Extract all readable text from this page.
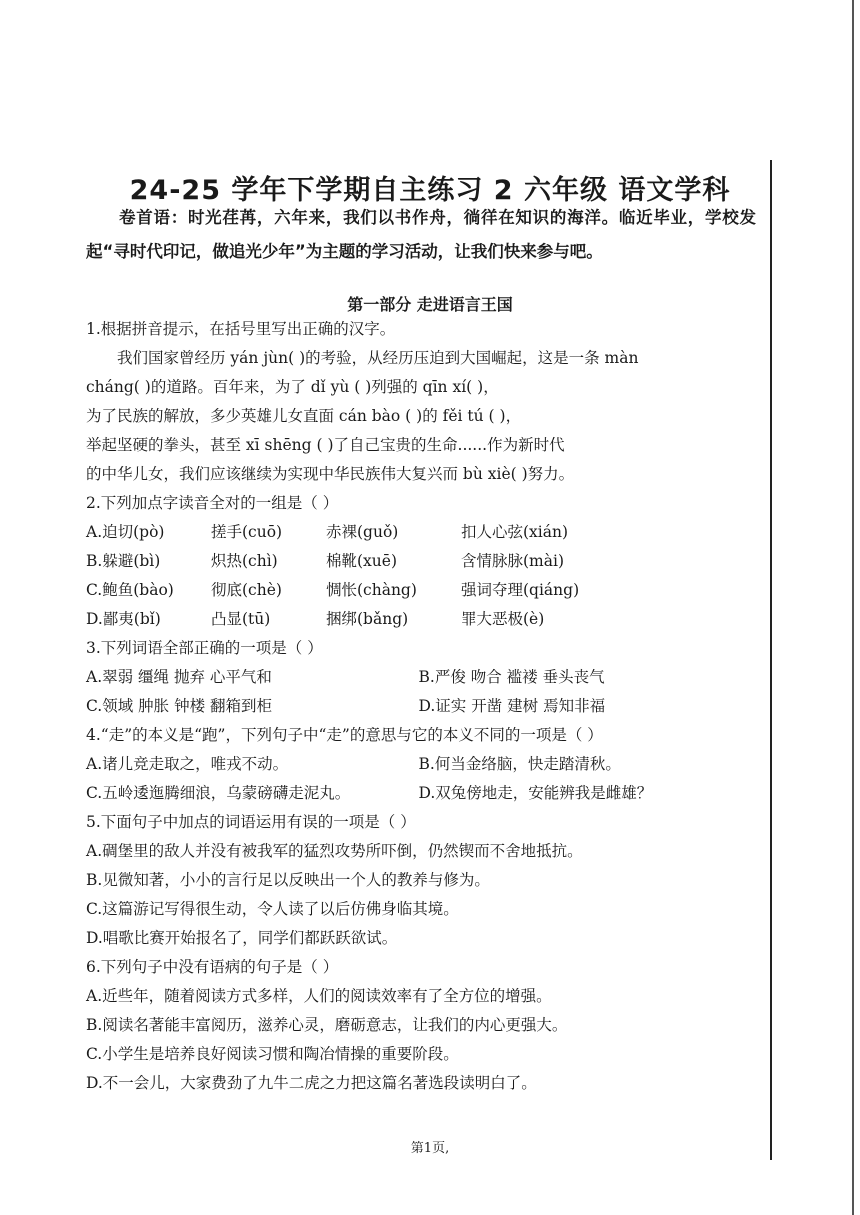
24-25 学年下学期自主练习 2 六年级 语文学科
卷首语：时光荏苒，六年来，我们以书作舟，徜徉在知识的海洋。临近毕业，学校发起“寻时代印记，做追光少年”为主题的学习活动，让我们快来参与吧。
第一部分 走进语言王国
1.根据拼音提示，在括号里写出正确的汉字。
我们国家曾经历 yán jùn( )的考验，从经历压迫到大国崛起，这是一条 màn
cháng( )的道路。百年来，为了 dǐ yù ( )列强的 qīn xí( )，
为了民族的解放，多少英雄儿女直面 cán bào ( )的 fěi tú ( )，
举起坚硬的拳头，甚至 xī shēng ( )了自己宝贵的生命......作为新时代
的中华儿女，我们应该继续为实现中华民族伟大复兴而 bù xiè( )努力。
2.下列加点字读音全对的一组是（ ）
A.迫切(pò)	搓手(cuō)	赤裸(guǒ)	扣人心弦(xián)
B.躲避(bì)	炽热(chì)	棉靴(xuē)	含情脉脉(mài)
C.鲍鱼(bào)	彻底(chè)	惆怅(chàng)	强词夺理(qiáng)
D.鄙夷(bǐ)	凸显(tū)	捆绑(bǎng)	罪大恶极(è)
3.下列词语全部正确的一项是（ ）
A.翠弱 缰绳 抛弃 心平气和	B.严俊 吻合 褴褛 垂头丧气
C.领域 肿胀 钟楼 翻箱到柜	D.证实 开凿 建树 焉知非福
4.“走”的本义是“跑”，下列句子中“走”的意思与它的本义不同的一项是（ ）
A.诸儿竞走取之，唯戎不动。	B.何当金络脑，快走踏清秋。
C.五岭逶迤腾细浪，乌蒙磅礴走泥丸。	D.双兔傍地走，安能辨我是雌雄？
5.下面句子中加点的词语运用有误的一项是（ ）
A.碉堡里的敌人并没有被我军的猛烈攻势所吓倒，仍然锲而不舍地抵抗。
B.见微知著，小小的言行足以反映出一个人的教养与修为。
C.这篇游记写得很生动，令人读了以后仿佛身临其境。
D.唱歌比赛开始报名了，同学们都跃跃欲试。
6.下列句子中没有语病的句子是（ ）
A.近些年，随着阅读方式多样，人们的阅读效率有了全方位的增强。
B.阅读名著能丰富阅历，滋养心灵，磨砺意志，让我们的内心更强大。
C.小学生是培养良好阅读习惯和陶冶情操的重要阶段。
D.不一会儿，大家费劲了九牛二虎之力把这篇名著选段读明白了。
第1页,
